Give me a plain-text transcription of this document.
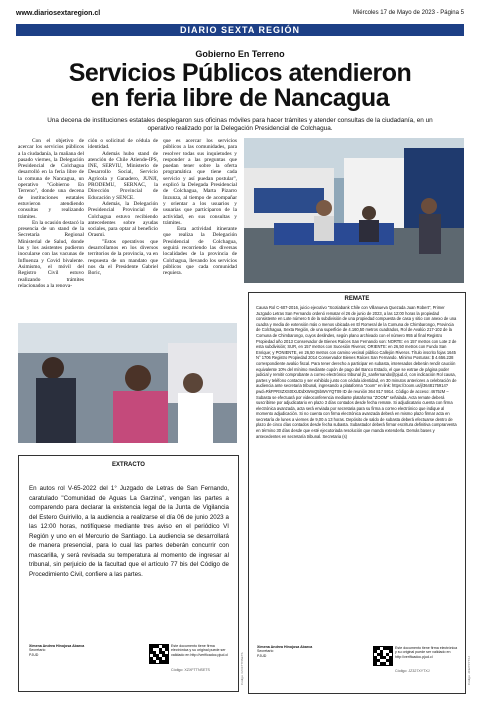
www.diariosextaregion.cl	Miércoles 17 de Mayo de 2023 - Página 5
DIARIO SEXTA REGIÓN
Gobierno En Terreno
Servicios Públicos atendieron
en feria libre de Nancagua
Una decena de instituciones estatales desplegaron sus oficinas móviles para hacer trámites y atender consultas de la ciudadanía, en un operativo realizado por la Delegación Presidencial de Colchagua.

Con el objetivo de acercar los servicios públicos a la ciudadanía, la mañana del pasado viernes, la Delegación Presidencial de Colchagua desarrolló en la feria libre de la comuna de Nancagua, un operativo "Gobierno En Terreno", donde una decena de instituciones estatales estuvieron atendiendo consultas y realizando trámites.

En la ocasión destacó la presencia de un stand de la Secretaría Regional Ministerial de Salud, donde las y los asistentes pudieron inocularse con las vacunas de Influenza y Covid bivalente. Asimismo, el móvil del Registro Civil estuvo realizando trámites relacionados a la renova-

ción o solicitud de cédula de identidad.

Además hubo stand de atención de Chile Atiende-IPS, INE, SERVIU, Ministerio de Desarrollo Social, Servicio Agrícola y Ganadero, JUNJI, PRODEMU, SERNAC, la Dirección Provincial de Educación y SENCE.

Además, la Delegación Presidencial Provincial de Colchagua estuvo recibiendo antecedentes sobre ayudas sociales, para optar al beneficio Orasmi.

"Estos operativos que desarrollamos en los diversos territorios de la provincia, va en respuesta de un mandato que nos da el Presidente Gabriel Boric,

que es acercar los servicios públicos a las comunidades, para resolver todas sus inquietudes y responder a las preguntas que puedan tener sobre la oferta programática que tiene cada servicio y así puedan postular", explicó la Delegada Presidencial de Colchagua, Marta Pizarro Inzunza, al tiempo de acompañar y orientar a los usuarios y usuarias que participaron de la actividad, en sus consultas y trámites.

Esta actividad itinerante que realiza la Delegación Presidencial de Colchagua, seguirá recorriendo las diversas localidades de la provincia de Colchagua, llevando los servicios públicos que cada comunidad requiera.

REMATE
Causa Rol C-607-2016, juicio ejecutivo "Scotiabank Chile con Villanueva Quezada Juan Robert", Primer Juzgado Letras San Fernando ordenó rematar el 26 de junio de 2023, a las 12:00 horas la propiedad consistente en Lote número 5 de la subdivisión de una propiedad compuesta de casa y sitio con anexo de una cuadra y media de extensión más o menos ubicada en El Romeral de la Comuna de Chimbarongo, Provincia de Colchagua, Sexta Región, de una superficie de 4.160,50 metros cuadrados, Rol de Avalúo 217-102 de la Comuna de Chimbarongo, cuyos deslindes, según plano archivado con el número 955 al final Registro Propiedad año 2013 Conservador de Bienes Raíces San Fernando son: NORTE: en 157 metros con Lote 2 de esta subdivisión; SUR, en 157 metros con Sucesión Riveros; ORIENTE: en 26,50 metros con Fundo San Enrique; y PONIENTE, en 26,50 metros con camino vecinal público Callejón Riveros. Título inscrito fojas 1645 N° 1706 Registro Propiedad 2014 Conservador Bienes Raíces San Fernando. Mínimo Posturas: $ 4.656.238 correspondiente avalúo fiscal. Para tener derecho a participar en subasta, interesados deberán rendir caución equivalente 10% del mínimo mediante cupón de pago del Banco Estado, el que se extrae de página poder judicial y remitir comprobante a correo electrónico tribunal jl1_sanfernando@pjud.cl, con indicación Rol causa, partes y teléfono contacto y ser exhibido junto con cédula identidad, en 30 minutos anteriores a celebración de audiencia ante secretaria tribunal, ingresando a plataforma "zoom" en link: https://zoom.us/j/3648175914? pwd=RkFPRSZXS0tXUDdXWmQ5bWVYQT09 ID de reunión 364 817 5914. Código de acceso: 4675zM – Subasta se efectuará por videoconferencia mediante plataforma "ZOOM" señalada. Acta remate deberá suscribirse por adjudicatario en plazo 3 días contados desde fecha remate. Si adjudicatario cuenta con firma electrónica avanzada, acta será enviada por secretaria para su firma a correo electrónico que indique al momento adjudicación. Si no cuenta con firma electrónica avanzada deberá en mismo plazo firmar acta en secretaría de lunes a viernes de 9,00 a 13 horas. Depósito de saldo de subasta deberá efectuarse dentro de plazo de cinco días contados desde fecha subasta. Subastador deberá firmar escritura definitiva comprarventa en término 30 días desde que esté ejecutoriada resolución que manda extenderla. Demás bases y antecedentes en secretaría tribunal. Secretaria (s)
Ximena Andrea Hinojosa Abarca
Secretario
PJUD
Este documento tiene firma electrónica y su original puede ser validado en http://verificadoc.pjud.cl
Código: JZ327XYTXJ
EXTRACTO
En autos rol V-65-2022 del 1° Juzgado de Letras de San Fernando, caratulado "Comunidad de Aguas La Garzina", vengan las partes a comparendo para declarar la existencia legal de la Junta de Vigilancia del Estero Guirivilo, a la audiencia a realizarse el día 06 de junio 2023 a las 12:00 horas, notifíquese mediante tres aviso en el periódico VI Región y uno en el Mercurio de Santiago. La audiencia se desarrollará de manera presencial, para lo cual las partes deberán concurrir con mascarilla, y será revisada su temperatura al momento de ingresar al tribunal, sin perjuicio de la facultad que el artículo 77 bis del Código de Procedimiento Civil, confiere a las partes.
Ximena Andrea Hinojosa Abarca
Secretario
PJUD
Este documento tiene firma electrónica y su original puede ser validado en http://verificadoc.pjud.cl
Código: XZXFTTNSETS	Código: XZXFTTNSETS	Código: JZ327XYTXJ
